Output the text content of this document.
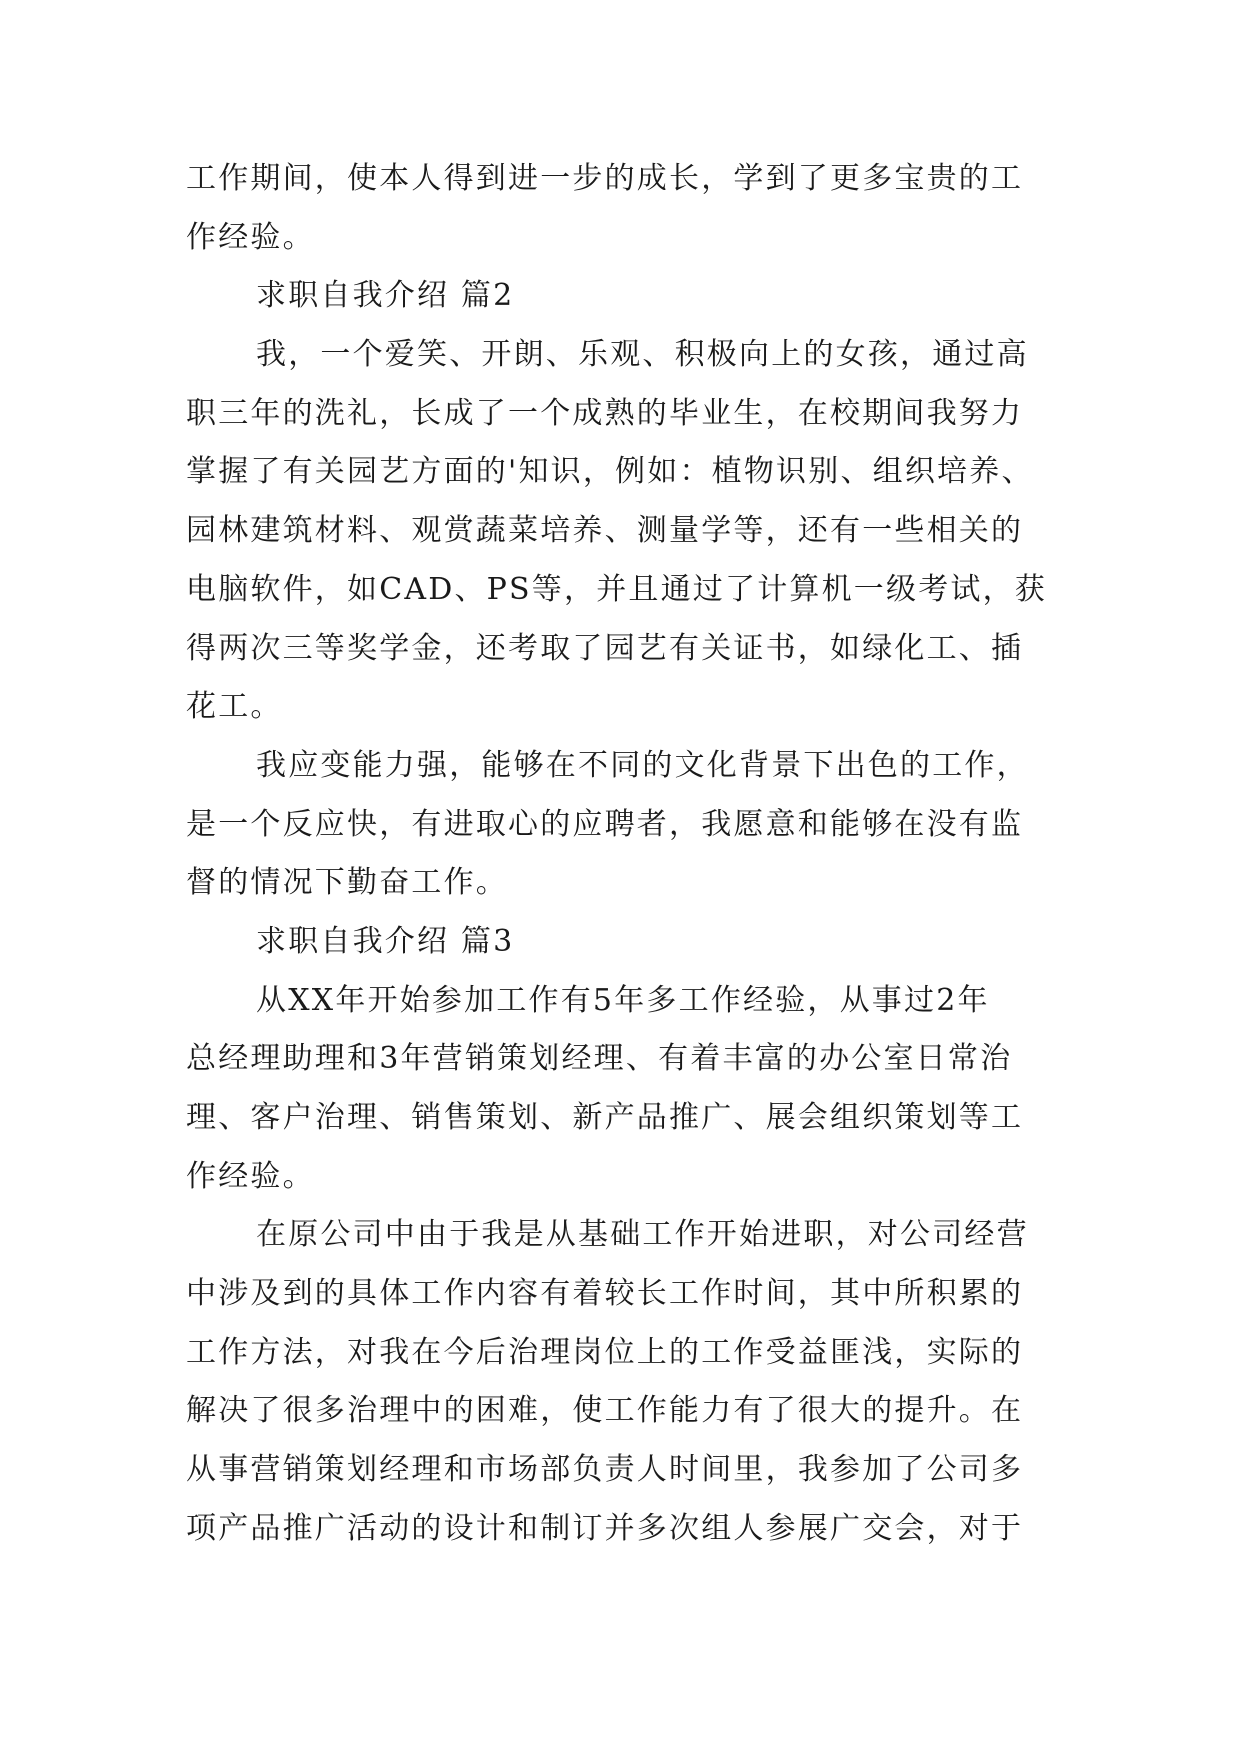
工作期间，使本人得到进一步的成长，学到了更多宝贵的工
作经验。
求职自我介绍 篇2
我，一个爱笑、开朗、乐观、积极向上的女孩，通过高
职三年的洗礼，长成了一个成熟的毕业生，在校期间我努力
掌握了有关园艺方面的'知识，例如：植物识别、组织培养、
园林建筑材料、观赏蔬菜培养、测量学等，还有一些相关的
电脑软件，如CAD、PS等，并且通过了计算机一级考试，获
得两次三等奖学金，还考取了园艺有关证书，如绿化工、插
花工。
我应变能力强，能够在不同的文化背景下出色的工作，
是一个反应快，有进取心的应聘者，我愿意和能够在没有监
督的情况下勤奋工作。
求职自我介绍 篇3
从XX年开始参加工作有5年多工作经验，从事过2年
总经理助理和3年营销策划经理、有着丰富的办公室日常治
理、客户治理、销售策划、新产品推广、展会组织策划等工
作经验。
在原公司中由于我是从基础工作开始进职，对公司经营
中涉及到的具体工作内容有着较长工作时间，其中所积累的
工作方法，对我在今后治理岗位上的工作受益匪浅，实际的
解决了很多治理中的困难，使工作能力有了很大的提升。在
从事营销策划经理和市场部负责人时间里，我参加了公司多
项产品推广活动的设计和制订并多次组人参展广交会，对于
